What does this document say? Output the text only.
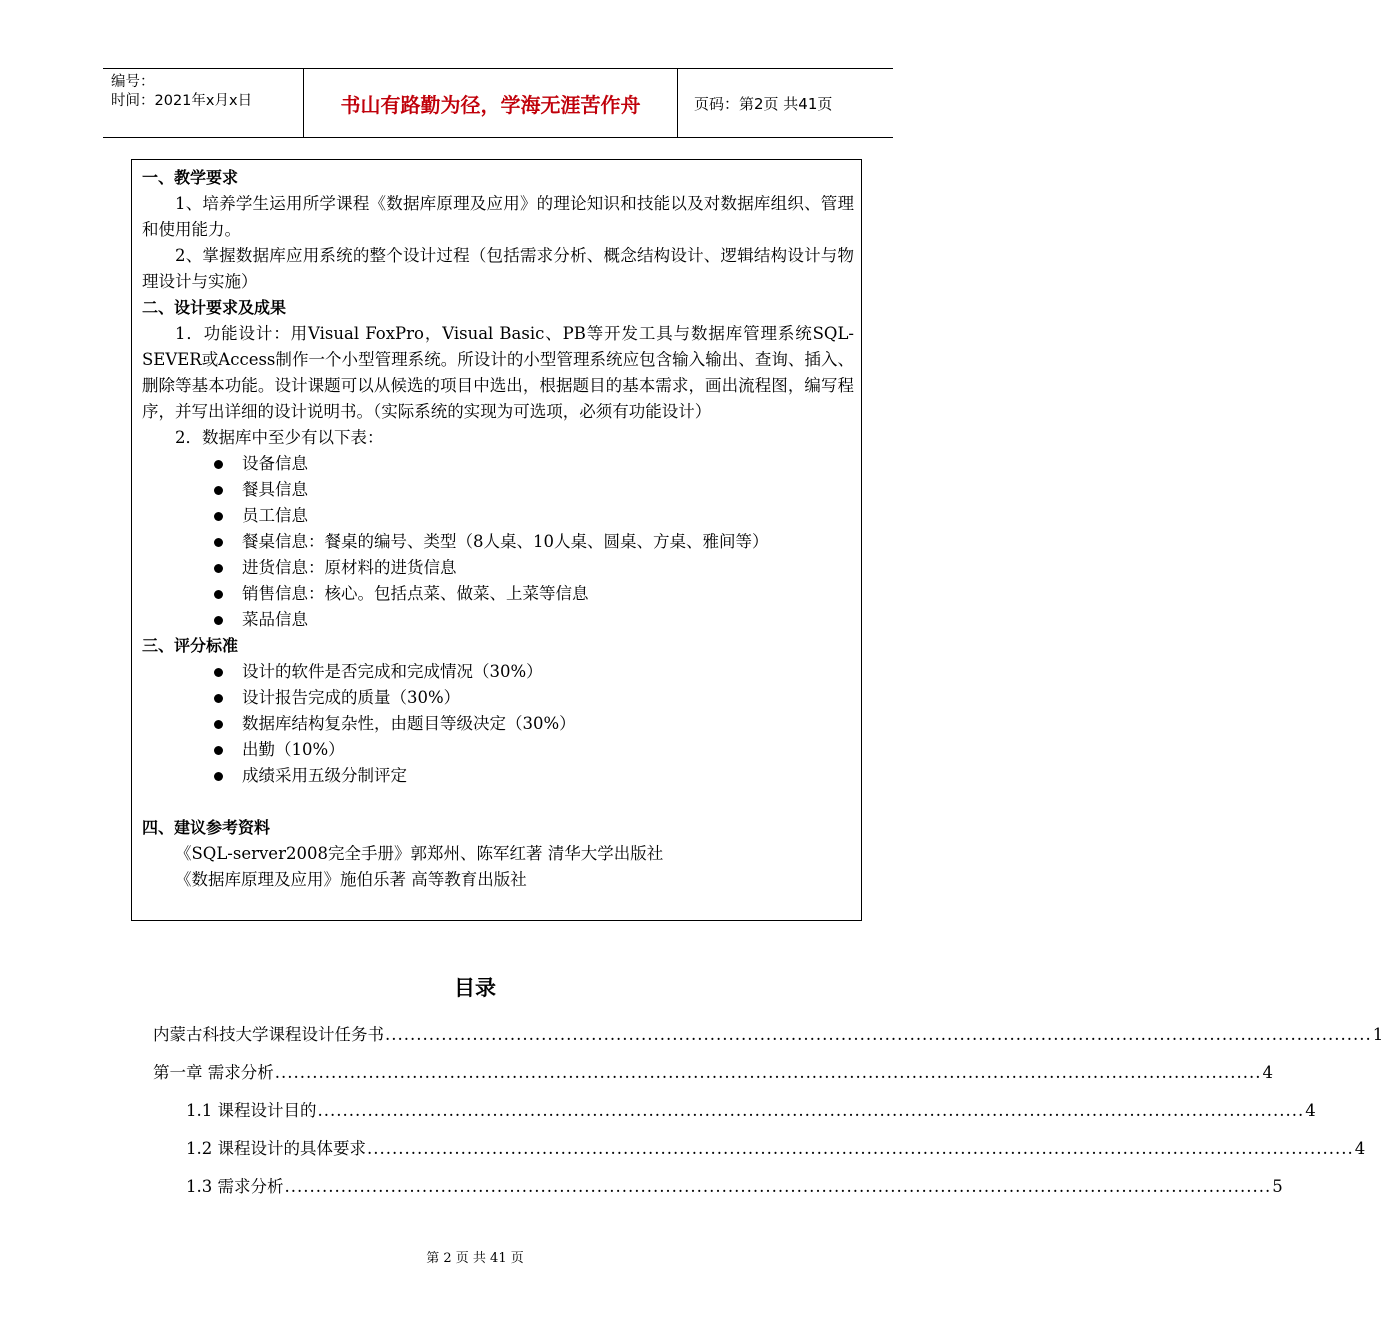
编号：
时间：2021年x月x日	书山有路勤为径，学海无涯苦作舟	页码：第2页 共41页
一、教学要求
1、培养学生运用所学课程《数据库原理及应用》的理论知识和技能以及对数据库组织、管理和使用能力。
2、掌握数据库应用系统的整个设计过程（包括需求分析、概念结构设计、逻辑结构设计与物理设计与实施）
二、设计要求及成果
1．功能设计：用Visual FoxPro，Visual Basic、PB等开发工具与数据库管理系统SQL-SEVER或Access制作一个小型管理系统。所设计的小型管理系统应包含输入输出、查询、插入、删除等基本功能。设计课题可以从候选的项目中选出，根据题目的基本需求，画出流程图，编写程序，并写出详细的设计说明书。（实际系统的实现为可选项，必须有功能设计）
2．数据库中至少有以下表：
设备信息
餐具信息
员工信息
餐桌信息：餐桌的编号、类型（8人桌、10人桌、圆桌、方桌、雅间等）
进货信息：原材料的进货信息
销售信息：核心。包括点菜、做菜、上菜等信息
菜品信息
三、评分标准
设计的软件是否完成和完成情况（30%）
设计报告完成的质量（30%）
数据库结构复杂性，由题目等级决定（30%）
出勤（10%）
成绩采用五级分制评定
四、建议参考资料
《SQL-server2008完全手册》郭郑州、陈军红著 清华大学出版社
《数据库原理及应用》施伯乐著 高等教育出版社
目录
内蒙古科技大学课程设计任务书 .............................................................................................................................................................. 1
第一章 需求分析 .............................................................................................................................................................. 4
1.1 课程设计目的 .............................................................................................................................................................. 4
1.2 课程设计的具体要求 .............................................................................................................................................................. 4
1.3 需求分析 .............................................................................................................................................................. 5
第 2 页 共 41 页
